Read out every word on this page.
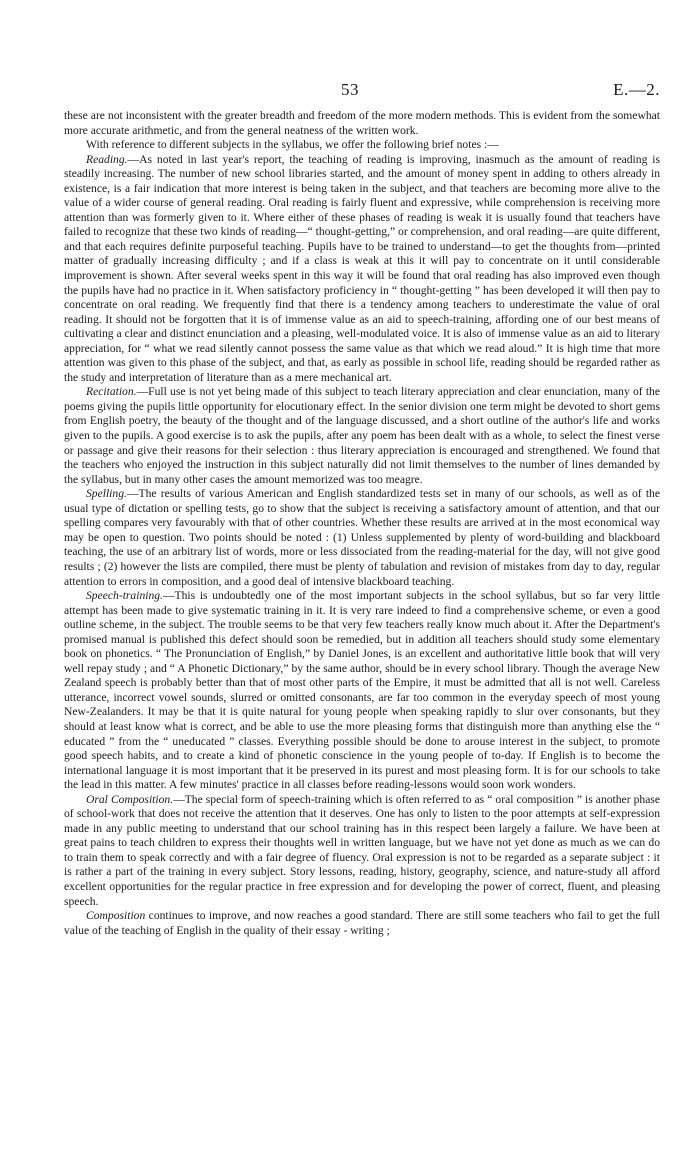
53	E.—2.

these are not inconsistent with the greater breadth and freedom of the more modern methods. This is evident from the somewhat more accurate arithmetic, and from the general neatness of the written work.

With reference to different subjects in the syllabus, we offer the following brief notes :—

Reading.—As noted in last year's report, the teaching of reading is improving, inasmuch as the amount of reading is steadily increasing. The number of new school libraries started, and the amount of money spent in adding to others already in existence, is a fair indication that more interest is being taken in the subject, and that teachers are becoming more alive to the value of a wider course of general reading. Oral reading is fairly fluent and expressive, while comprehension is receiving more attention than was formerly given to it. Where either of these phases of reading is weak it is usually found that teachers have failed to recognize that these two kinds of reading—“ thought-getting,” or comprehension, and oral reading—are quite different, and that each requires definite purposeful teaching. Pupils have to be trained to understand—to get the thoughts from—printed matter of gradually increasing difficulty ; and if a class is weak at this it will pay to concentrate on it until considerable improvement is shown. After several weeks spent in this way it will be found that oral reading has also improved even though the pupils have had no practice in it. When satisfactory proficiency in “ thought-getting ” has been developed it will then pay to concentrate on oral reading. We frequently find that there is a tendency among teachers to underestimate the value of oral reading. It should not be forgotten that it is of immense value as an aid to speech-training, affording one of our best means of cultivating a clear and distinct enunciation and a pleasing, well-modulated voice. It is also of immense value as an aid to literary appreciation, for “ what we read silently cannot possess the same value as that which we read aloud.” It is high time that more attention was given to this phase of the subject, and that, as early as possible in school life, reading should be regarded rather as the study and interpretation of literature than as a mere mechanical art.

Recitation.—Full use is not yet being made of this subject to teach literary appreciation and clear enunciation, many of the poems giving the pupils little opportunity for elocutionary effect. In the senior division one term might be devoted to short gems from English poetry, the beauty of the thought and of the language discussed, and a short outline of the author's life and works given to the pupils. A good exercise is to ask the pupils, after any poem has been dealt with as a whole, to select the finest verse or passage and give their reasons for their selection : thus literary appreciation is encouraged and strengthened. We found that the teachers who enjoyed the instruction in this subject naturally did not limit themselves to the number of lines demanded by the syllabus, but in many other cases the amount memorized was too meagre.

Spelling.—The results of various American and English standardized tests set in many of our schools, as well as of the usual type of dictation or spelling tests, go to show that the subject is receiving a satisfactory amount of attention, and that our spelling compares very favourably with that of other countries. Whether these results are arrived at in the most economical way may be open to question. Two points should be noted : (1) Unless supplemented by plenty of word-building and blackboard teaching, the use of an arbitrary list of words, more or less dissociated from the reading-material for the day, will not give good results ; (2) however the lists are compiled, there must be plenty of tabulation and revision of mistakes from day to day, regular attention to errors in composition, and a good deal of intensive blackboard teaching.

Speech-training.—This is undoubtedly one of the most important subjects in the school syllabus, but so far very little attempt has been made to give systematic training in it. It is very rare indeed to find a comprehensive scheme, or even a good outline scheme, in the subject. The trouble seems to be that very few teachers really know much about it. After the Department's promised manual is published this defect should soon be remedied, but in addition all teachers should study some elementary book on phonetics. “ The Pronunciation of English,” by Daniel Jones, is an excellent and authoritative little book that will very well repay study ; and “ A Phonetic Dictionary,” by the same author, should be in every school library. Though the average New Zealand speech is probably better than that of most other parts of the Empire, it must be admitted that all is not well. Careless utterance, incorrect vowel sounds, slurred or omitted consonants, are far too common in the everyday speech of most young New-Zealanders. It may be that it is quite natural for young people when speaking rapidly to slur over consonants, but they should at least know what is correct, and be able to use the more pleasing forms that distinguish more than anything else the “ educated ” from the “ uneducated ” classes. Everything possible should be done to arouse interest in the subject, to promote good speech habits, and to create a kind of phonetic conscience in the young people of to-day. If English is to become the international language it is most important that it be preserved in its purest and most pleasing form. It is for our schools to take the lead in this matter. A few minutes' practice in all classes before reading-lessons would soon work wonders.

Oral Composition.—The special form of speech-training which is often referred to as “ oral composition ” is another phase of school-work that does not receive the attention that it deserves. One has only to listen to the poor attempts at self-expression made in any public meeting to understand that our school training has in this respect been largely a failure. We have been at great pains to teach children to express their thoughts well in written language, but we have not yet done as much as we can do to train them to speak correctly and with a fair degree of fluency. Oral expression is not to be regarded as a separate subject : it is rather a part of the training in every subject. Story lessons, reading, history, geography, science, and nature-study all afford excellent opportunities for the regular practice in free expression and for developing the power of correct, fluent, and pleasing speech.

Composition continues to improve, and now reaches a good standard. There are still some teachers who fail to get the full value of the teaching of English in the quality of their essay - writing ;
